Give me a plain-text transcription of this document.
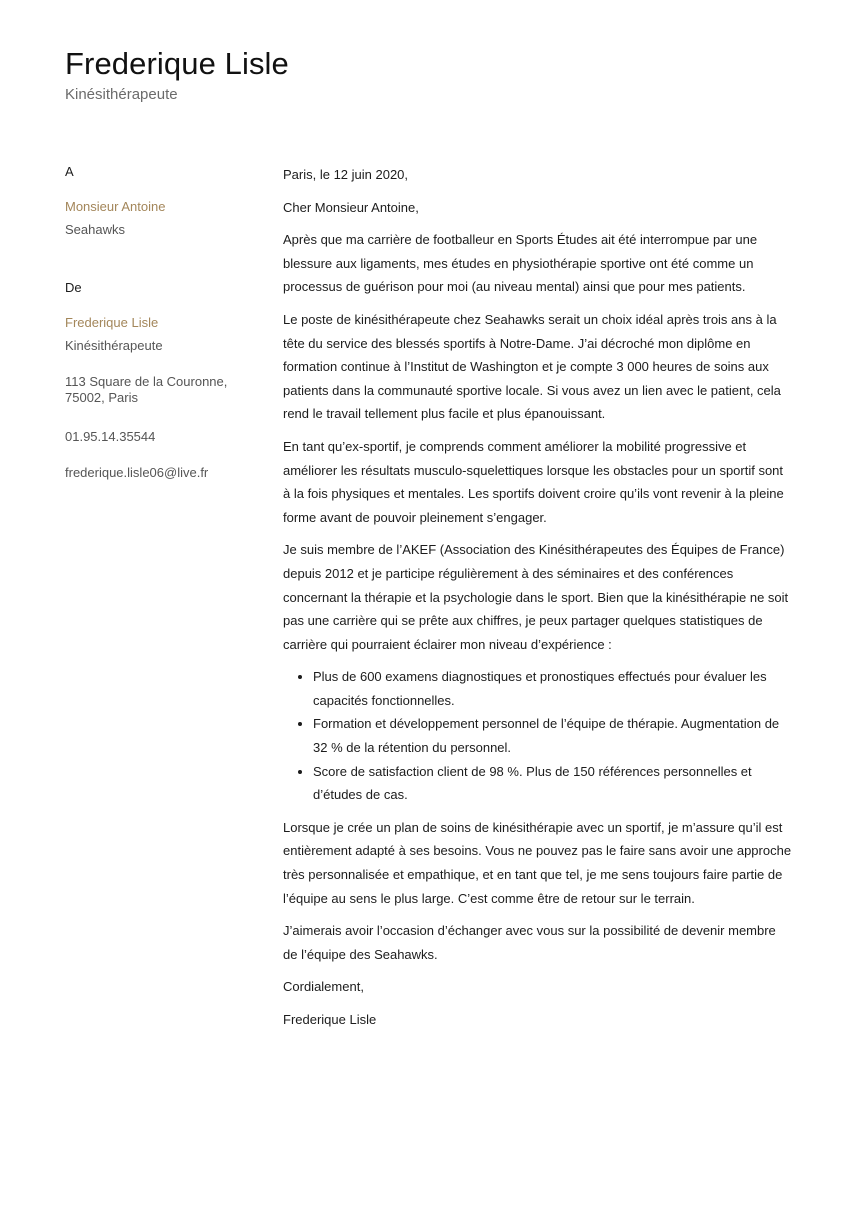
Frederique Lisle
Kinésithérapeute
A
Monsieur Antoine
Seahawks
De
Frederique Lisle
Kinésithérapeute
113 Square de la Couronne,
75002, Paris
01.95.14.35544
frederique.lisle06@live.fr

Paris, le 12 juin 2020,

Cher Monsieur Antoine,

Après que ma carrière de footballeur en Sports Études ait été interrompue par une blessure aux ligaments, mes études en physiothérapie sportive ont été comme un processus de guérison pour moi (au niveau mental) ainsi que pour mes patients.

Le poste de kinésithérapeute chez Seahawks serait un choix idéal après trois ans à la tête du service des blessés sportifs à Notre-Dame. J’ai décroché mon diplôme en formation continue à l’Institut de Washington et je compte 3 000 heures de soins aux patients dans la communauté sportive locale. Si vous avez un lien avec le patient, cela rend le travail tellement plus facile et plus épanouissant.

En tant qu’ex-sportif, je comprends comment améliorer la mobilité progressive et améliorer les résultats musculo-squelettiques lorsque les obstacles pour un sportif sont à la fois physiques et mentales. Les sportifs doivent croire qu’ils vont revenir à la pleine forme avant de pouvoir pleinement s’engager.

Je suis membre de l’AKEF (Association des Kinésithérapeutes des Équipes de France) depuis 2012 et je participe régulièrement à des séminaires et des conférences concernant la thérapie et la psychologie dans le sport. Bien que la kinésithérapie ne soit pas une carrière qui se prête aux chiffres, je peux partager quelques statistiques de carrière qui pourraient éclairer mon niveau d’expérience :

• Plus de 600 examens diagnostiques et pronostiques effectués pour évaluer les capacités fonctionnelles.
• Formation et développement personnel de l’équipe de thérapie. Augmentation de 32 % de la rétention du personnel.
• Score de satisfaction client de 98 %. Plus de 150 références personnelles et d’études de cas.

Lorsque je crée un plan de soins de kinésithérapie avec un sportif, je m’assure qu’il est entièrement adapté à ses besoins. Vous ne pouvez pas le faire sans avoir une approche très personnalisée et empathique, et en tant que tel, je me sens toujours faire partie de l’équipe au sens le plus large. C’est comme être de retour sur le terrain.

J’aimerais avoir l’occasion d’échanger avec vous sur la possibilité de devenir membre de l’équipe des Seahawks.

Cordialement,

Frederique Lisle
